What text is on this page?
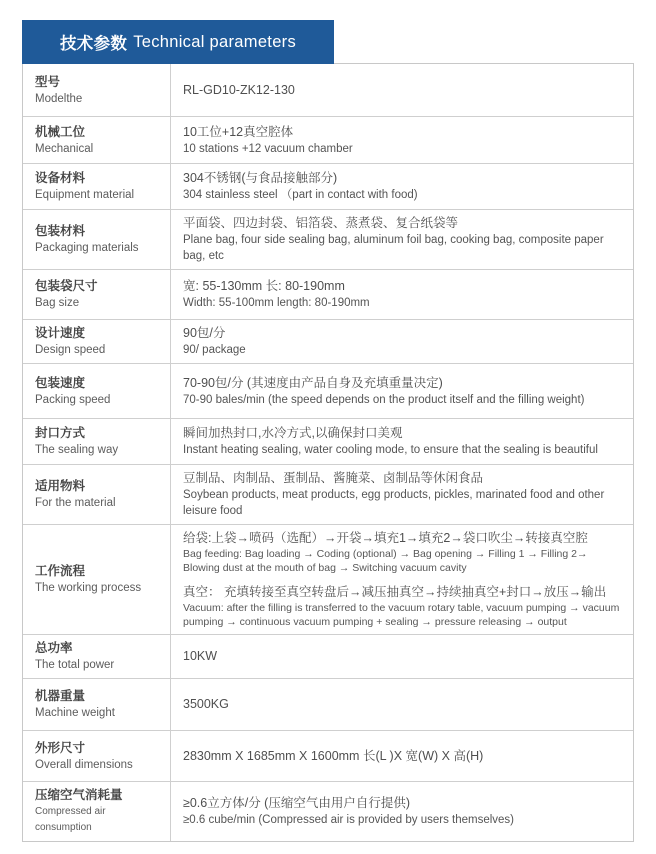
技术参数 Technical parameters
型号
Modelthe
RL-GD10-ZK12-130
机械工位
Mechanical
10工位+12真空腔体
10 stations +12 vacuum chamber
设备材料
Equipment material
304不锈钢(与食品接触部分)
304 stainless steel （part in contact with food)
包装材料
Packaging materials
平面袋、四边封袋、铝箔袋、蒸煮袋、复合纸袋等
Plane bag, four side sealing bag, aluminum foil bag, cooking bag, composite paper bag, etc
包装袋尺寸
Bag size
宽: 55-130mm 长: 80-190mm
Width: 55-100mm length: 80-190mm
设计速度
Design speed
90包/分
90/ package
包装速度
Packing speed
70-90包/分 (其速度由产品自身及充填重量决定)
70-90 bales/min (the speed depends on the product itself and the filling weight)
封口方式
The sealing way
瞬间加热封口,水冷方式,以确保封口美观
Instant heating sealing, water cooling mode, to ensure that the sealing is beautiful
适用物料
For the material
豆制品、肉制品、蛋制品、酱腌菜、卤制品等休闲食品
Soybean products, meat products, egg products, pickles, marinated food and other leisure food
工作流程
The working process
给袋:上袋→喷码（选配）→开袋→填充1→填充2→袋口吹尘→转接真空腔
Bag feeding: Bag loading → Coding (optional) → Bag opening → Filling 1 → Filling 2→ Blowing dust at the mouth of bag → Switching vacuum cavity
真空： 充填转接至真空转盘后→减压抽真空→持续抽真空+封口→放压→输出
Vacuum: after the filling is transferred to the vacuum rotary table, vacuum pumping → vacuum pumping → continuous vacuum pumping + sealing → pressure releasing → output
总功率
The total power
10KW
机器重量
Machine weight
3500KG
外形尺寸
Overall dimensions
2830mm X 1685mm X 1600mm 长(L )X 宽(W) X 高(H)
压缩空气消耗量
Compressed air consumption
≥0.6立方体/分 (压缩空气由用户自行提供)
≥0.6 cube/min (Compressed air is provided by users themselves)
